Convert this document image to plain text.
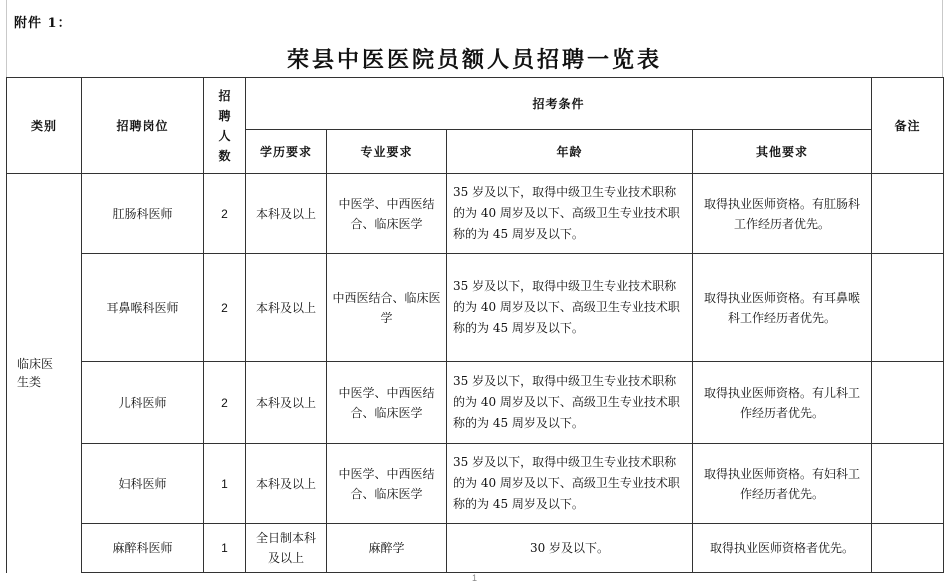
附件 1：
荣县中医医院员额人员招聘一览表
类别	招聘岗位	招聘人数	招考条件				备注
			学历要求	专业要求	年龄	其他要求	

临床医生类	肛肠科医师	2	本科及以上	中医学、中西医结合、临床医学	35 岁及以下，取得中级卫生专业技术职称的为 40 周岁及以下、高级卫生专业技术职称的为 45 周岁及以下。	取得执业医师资格。有肛肠科工作经历者优先。	
	耳鼻喉科医师	2	本科及以上	中西医结合、临床医学	35 岁及以下，取得中级卫生专业技术职称的为 40 周岁及以下、高级卫生专业技术职称的为 45 周岁及以下。	取得执业医师资格。有耳鼻喉科工作经历者优先。	
	儿科医师	2	本科及以上	中医学、中西医结合、临床医学	35 岁及以下，取得中级卫生专业技术职称的为 40 周岁及以下、高级卫生专业技术职称的为 45 周岁及以下。	取得执业医师资格。有儿科工作经历者优先。	
	妇科医师	1	本科及以上	中医学、中西医结合、临床医学	35 岁及以下，取得中级卫生专业技术职称的为 40 周岁及以下、高级卫生专业技术职称的为 45 周岁及以下。	取得执业医师资格。有妇科工作经历者优先。	
	麻醉科医师	1	全日制本科及以上	麻醉学	30 岁及以下。	取得执业医师资格者优先。	
1
